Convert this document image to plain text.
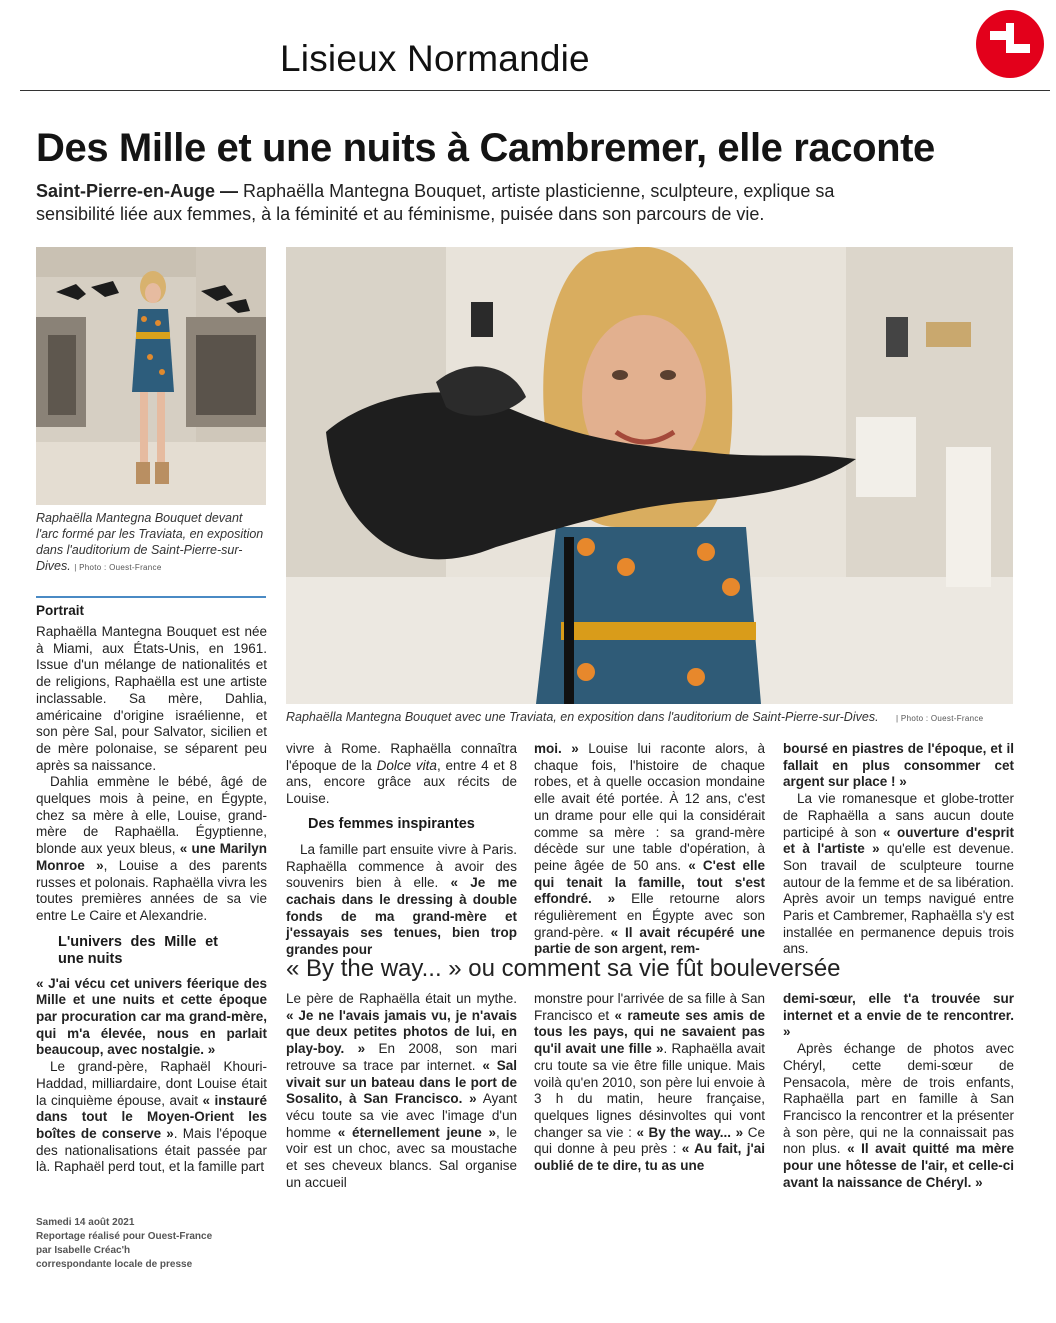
Lisieux Normandie
Des Mille et une nuits à Cambremer, elle raconte
Saint-Pierre-en-Auge — Raphaëlla Mantegna Bouquet, artiste plasticienne, sculpteure, explique sa sensibilité liée aux femmes, à la féminité et au féminisme, puisée dans son parcours de vie.
Raphaëlla Mantegna Bouquet devant l'arc formé par les Traviata, en exposition dans l'auditorium de Saint-Pierre-sur-Dives. | Photo : Ouest-France
Raphaëlla Mantegna Bouquet avec une Traviata, en exposition dans l'auditorium de Saint-Pierre-sur-Dives. | Photo : Ouest-France
Portrait

Raphaëlla Mantegna Bouquet est née à Miami, aux États-Unis, en 1961. Issue d'un mélange de nationalités et de religions, Raphaëlla est une artiste inclassable. Sa mère, Dahlia, américaine d'origine israélienne, et son père Sal, pour Salvator, sicilien et de mère polonaise, se séparent peu après sa naissance.

Dahlia emmène le bébé, âgé de quelques mois à peine, en Égypte, chez sa mère à elle, Louise, grand-mère de Raphaëlla. Égyptienne, blonde aux yeux bleus, « une Marilyn Monroe », Louise a des parents russes et polonais. Raphaëlla vivra les toutes premières années de sa vie entre Le Caire et Alexandrie.

L'univers des Mille et une nuits

« J'ai vécu cet univers féerique des Mille et une nuits et cette époque par procuration car ma grand-mère, qui m'a élevée, nous en parlait beaucoup, avec nostalgie. »

Le grand-père, Raphaël Khouri-Haddad, milliardaire, dont Louise était la cinquième épouse, avait « instauré dans tout le Moyen-Orient les boîtes de conserve ». Mais l'époque des nationalisations était passée par là. Raphaël perd tout, et la famille part

vivre à Rome. Raphaëlla connaîtra l'époque de la Dolce vita, entre 4 et 8 ans, encore grâce aux récits de Louise.

Des femmes inspirantes

La famille part ensuite vivre à Paris. Raphaëlla commence à avoir des souvenirs bien à elle. « Je me cachais dans le dressing à double fonds de ma grand-mère et j'essayais ses tenues, bien trop grandes pour

moi. » Louise lui raconte alors, à chaque fois, l'histoire de chaque robes, et à quelle occasion mondaine elle avait été portée. À 12 ans, c'est un drame pour elle qui la considérait comme sa mère : sa grand-mère décède sur une table d'opération, à peine âgée de 50 ans. « C'est elle qui tenait la famille, tout s'est effondré. » Elle retourne alors régulièrement en Égypte avec son grand-père. « Il avait récupéré une partie de son argent, rem-

boursé en piastres de l'époque, et il fallait en plus consommer cet argent sur place ! »

La vie romanesque et globe-trotter de Raphaëlla a sans aucun doute participé à son « ouverture d'esprit et à l'artiste » qu'elle est devenue. Son travail de sculpteure tourne autour de la femme et de sa libération. Après avoir un temps navigué entre Paris et Cambremer, Raphaëlla s'y est installée en permanence depuis trois ans.

« By the way... » ou comment sa vie fût bouleversée

Le père de Raphaëlla était un mythe. « Je ne l'avais jamais vu, je n'avais que deux petites photos de lui, en play-boy. » En 2008, son mari retrouve sa trace par internet. « Sal vivait sur un bateau dans le port de Sosalito, à San Francisco. » Ayant vécu toute sa vie avec l'image d'un homme « éternellement jeune », le voir est un choc, avec sa moustache et ses cheveux blancs. Sal organise un accueil

monstre pour l'arrivée de sa fille à San Francisco et « rameute ses amis de tous les pays, qui ne savaient pas qu'il avait une fille ». Raphaëlla avait cru toute sa vie être fille unique. Mais voilà qu'en 2010, son père lui envoie à 3 h du matin, heure française, quelques lignes désinvoltes qui vont changer sa vie : « By the way... » Ce qui donne à peu près : « Au fait, j'ai oublié de te dire, tu as une

demi-sœur, elle t'a trouvée sur internet et a envie de te rencontrer. »

Après échange de photos avec Chéryl, cette demi-sœur de Pensacola, mère de trois enfants, Raphaëlla part en famille à San Francisco la rencontrer et la présenter à son père, qui ne la connaissait pas non plus. « Il avait quitté ma mère pour une hôtesse de l'air, et celle-ci avant la naissance de Chéryl. »

Samedi 14 août 2021
Reportage réalisé pour Ouest-France
par Isabelle Créac'h
correspondante locale de presse
